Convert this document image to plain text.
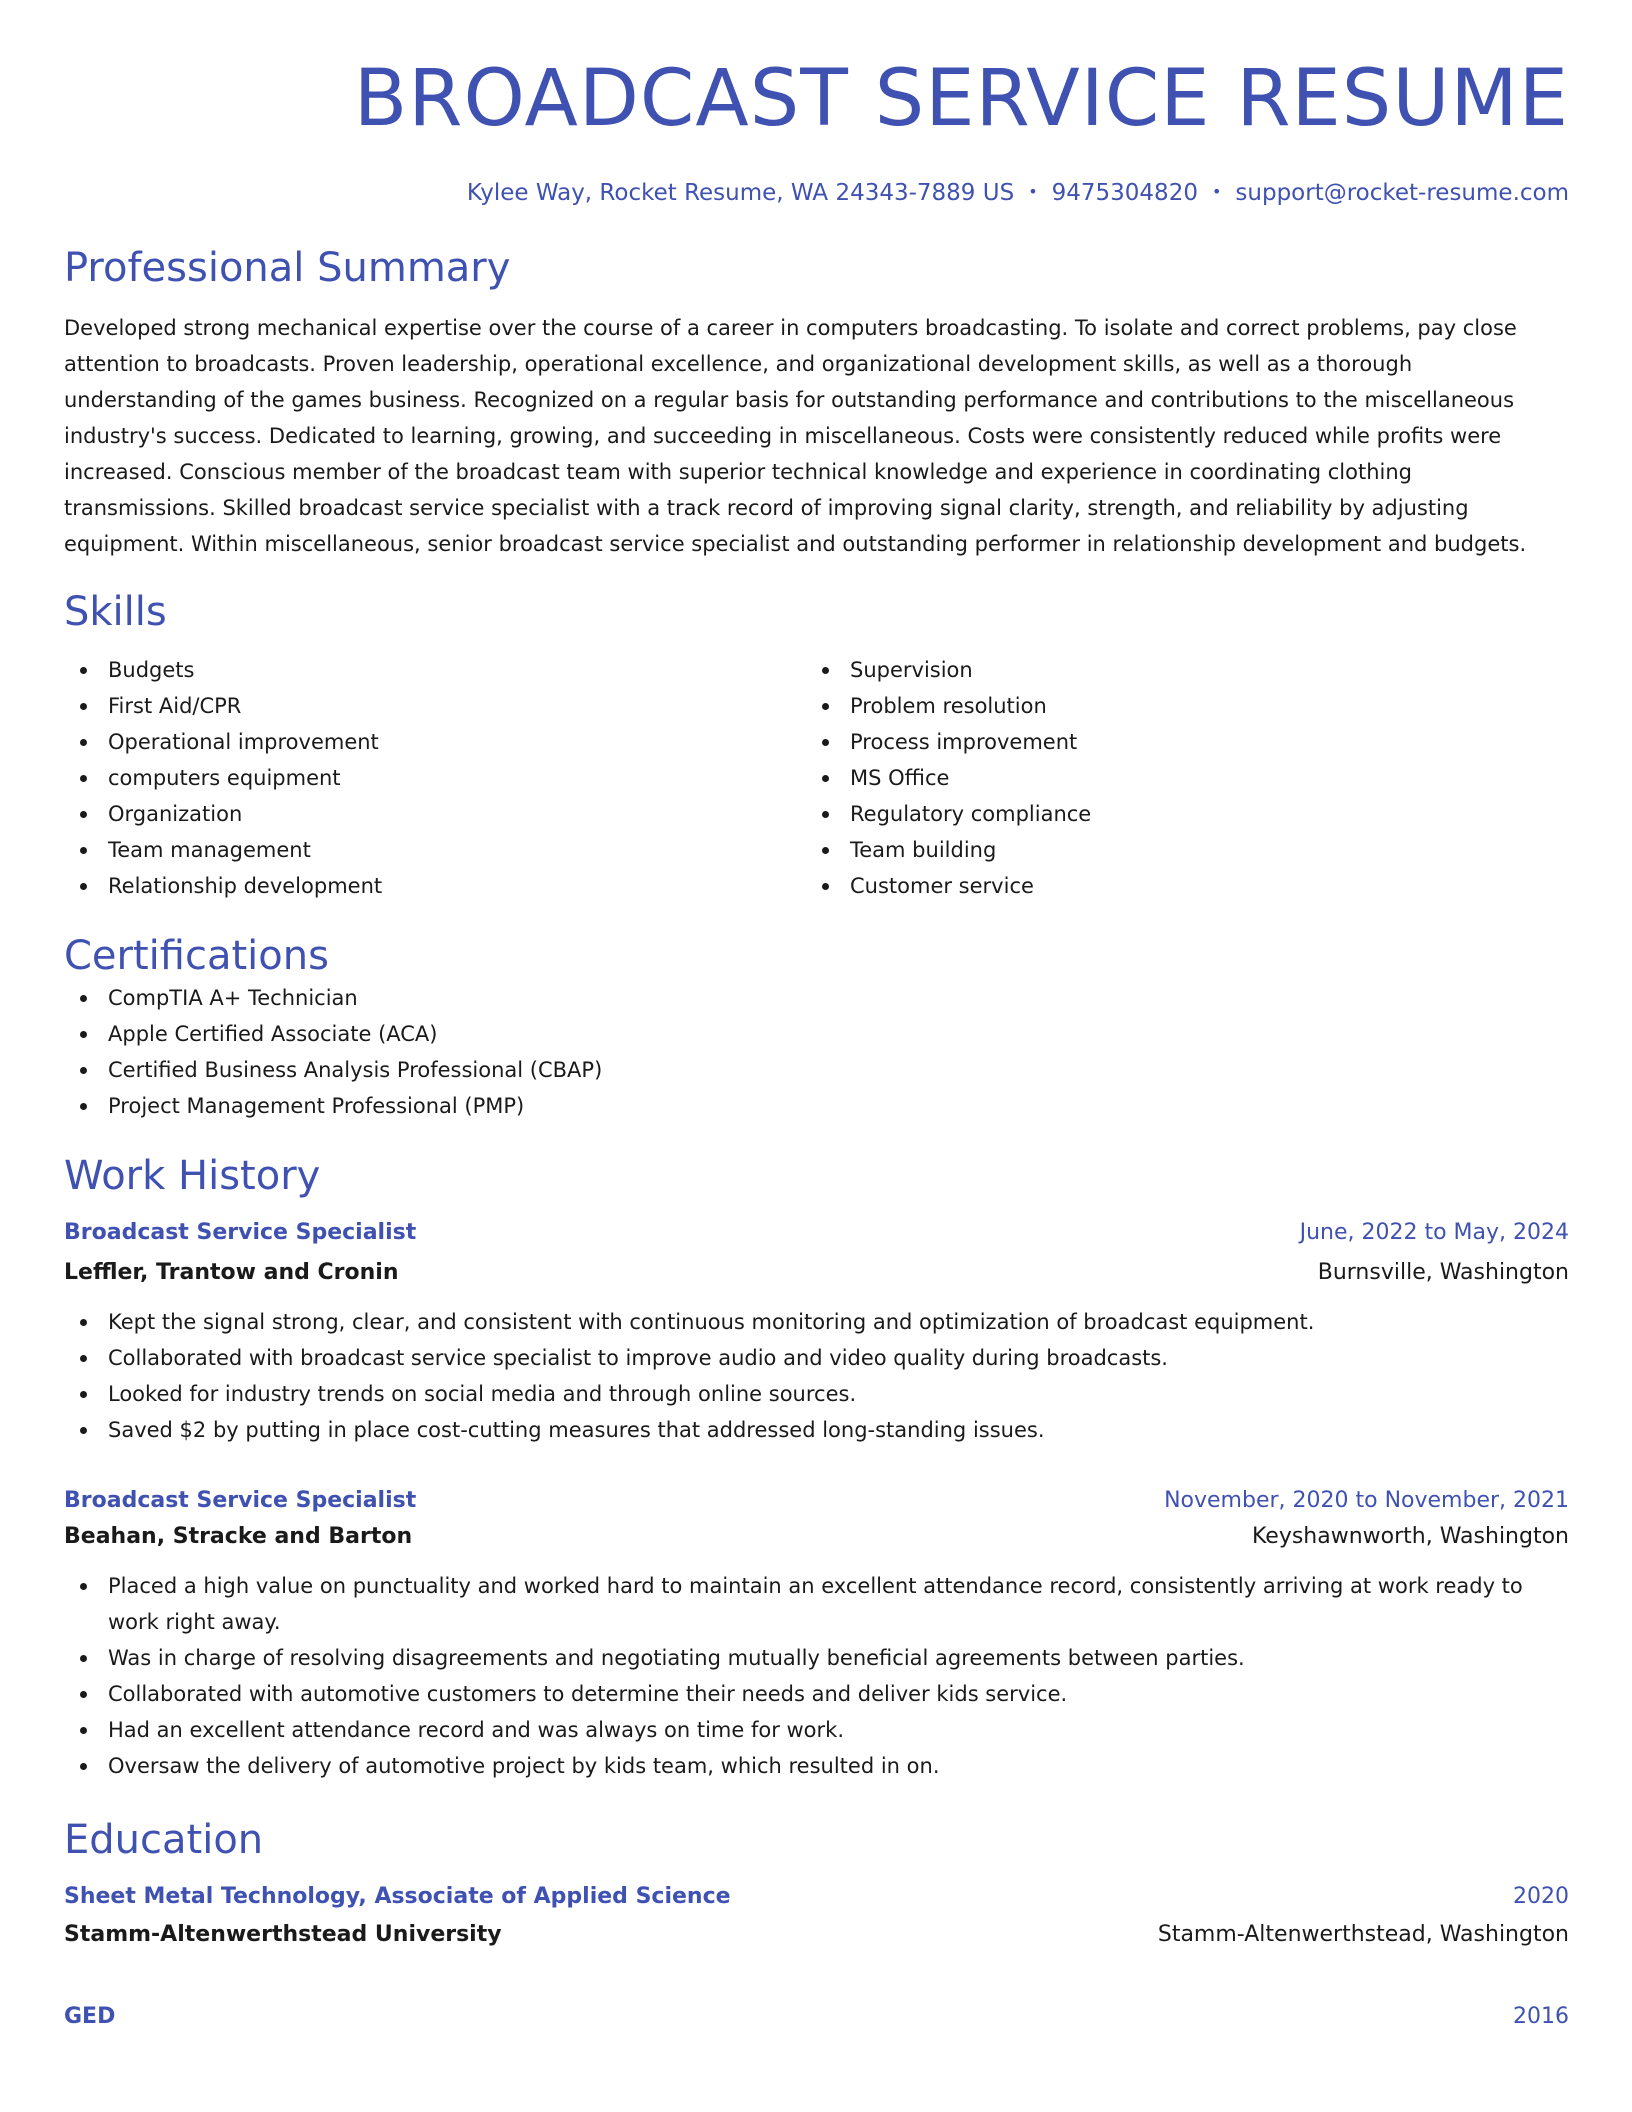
BROADCAST SERVICE RESUME
Kylee Way, Rocket Resume, WA 24343-7889 US • 9475304820 • support@rocket-resume.com
Professional Summary

Developed strong mechanical expertise over the course of a career in computers broadcasting. To isolate and correct problems, pay close attention to broadcasts. Proven leadership, operational excellence, and organizational development skills, as well as a thorough understanding of the games business. Recognized on a regular basis for outstanding performance and contributions to the miscellaneous industry's success. Dedicated to learning, growing, and succeeding in miscellaneous. Costs were consistently reduced while profits were increased. Conscious member of the broadcast team with superior technical knowledge and experience in coordinating clothing transmissions. Skilled broadcast service specialist with a track record of improving signal clarity, strength, and reliability by adjusting equipment. Within miscellaneous, senior broadcast service specialist and outstanding performer in relationship development and budgets.

Skills
Budgets
First Aid/CPR
Operational improvement
computers equipment
Organization
Team management
Relationship development
Supervision
Problem resolution
Process improvement
MS Office
Regulatory compliance
Team building
Customer service
Certifications
CompTIA A+ Technician
Apple Certified Associate (ACA)
Certified Business Analysis Professional (CBAP)
Project Management Professional (PMP)
Work History
Broadcast Service Specialist	June, 2022 to May, 2024
Leffler, Trantow and Cronin	Burnsville, Washington
Kept the signal strong, clear, and consistent with continuous monitoring and optimization of broadcast equipment.
Collaborated with broadcast service specialist to improve audio and video quality during broadcasts.
Looked for industry trends on social media and through online sources.
Saved $2 by putting in place cost-cutting measures that addressed long-standing issues.
Broadcast Service Specialist	November, 2020 to November, 2021
Beahan, Stracke and Barton	Keyshawnworth, Washington
Placed a high value on punctuality and worked hard to maintain an excellent attendance record, consistently arriving at work ready to work right away.
Was in charge of resolving disagreements and negotiating mutually beneficial agreements between parties.
Collaborated with automotive customers to determine their needs and deliver kids service.
Had an excellent attendance record and was always on time for work.
Oversaw the delivery of automotive project by kids team, which resulted in on.
Education
Sheet Metal Technology, Associate of Applied Science	2020
Stamm-Altenwerthstead University	Stamm-Altenwerthstead, Washington
GED	2016
